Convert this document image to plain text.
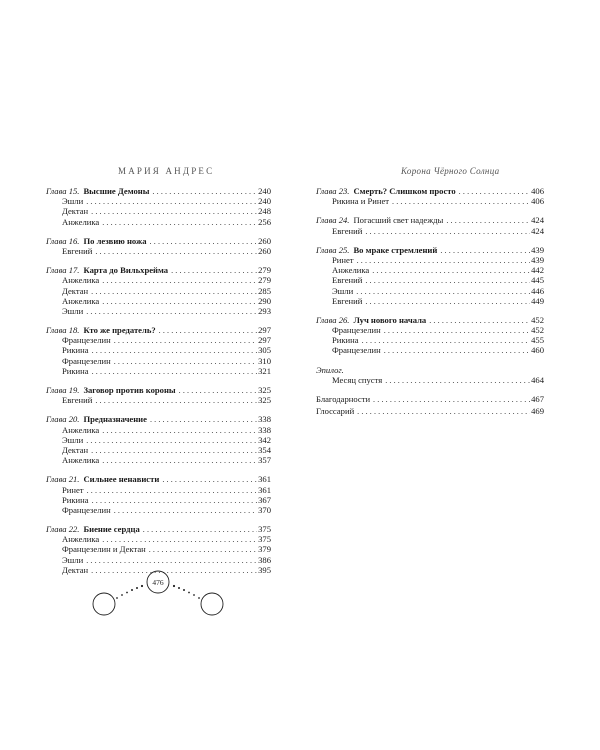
МАРИЯ АНДРЕС	Корона Чёрного Солнца
Глава 15. Высшие Демоны .....	240
Эшли .....	240
Дектан .....	248
Анжелика .....	256
Глава 16. По лезвию ножа .....	260
Евгений .....	260
Глава 17. Карта до Вильхрейма .....	279
Анжелика .....	279
Дектан .....	285
Анжелика .....	290
Эшли .....	293
Глава 18. Кто же предатель? .....	297
Францезелин .....	297
Рикина .....	305
Францезелин .....	310
Рикина .....	321
Глава 19. Заговор против короны .....	325
Евгений .....	325
Глава 20. Предназначение .....	338
Анжелика .....	338
Эшли .....	342
Дектан .....	354
Анжелика .....	357
Глава 21. Сильнее ненависти .....	361
Ринет .....	361
Рикина .....	367
Францезелин .....	370
Глава 22. Биение сердца .....	375
Анжелика .....	375
Францезелин и Дектан .....	379
Эшли .....	386
Дектан .....	395
Глава 23. Смерть? Слишком просто .....	406
Рикина и Ринет .....	406
Глава 24. Погасший свет надежды .....	424
Евгений .....	424
Глава 25. Во мраке стремлений .....	439
Ринет .....	439
Анжелика .....	442
Евгений .....	445
Эшли .....	446
Евгений .....	449
Глава 26. Луч нового начала .....	452
Францезелин .....	452
Рикина .....	455
Францезелин .....	460
Эпилог.
Месяц спустя .....	464
Благодарности .....	467
Глоссарий .....	469
476
